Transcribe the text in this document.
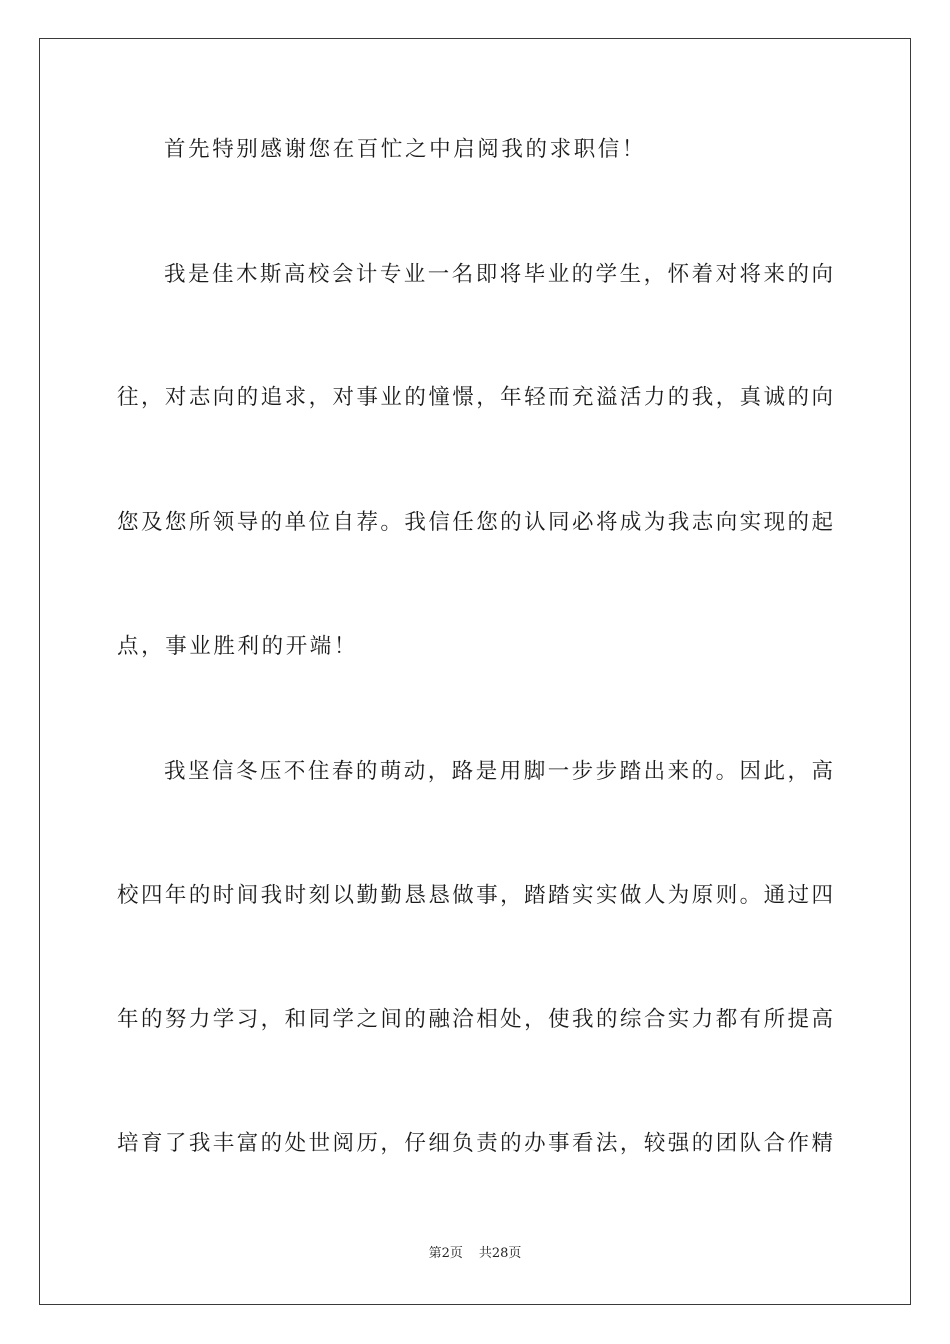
首先特别感谢您在百忙之中启阅我的求职信！
我是佳木斯高校会计专业一名即将毕业的学生，怀着对将来的向
往，对志向的追求，对事业的憧憬，年轻而充溢活力的我，真诚的向
您及您所领导的单位自荐。我信任您的认同必将成为我志向实现的起
点，事业胜利的开端！
我坚信冬压不住春的萌动，路是用脚一步步踏出来的。因此，高
校四年的时间我时刻以勤勤恳恳做事，踏踏实实做人为原则。通过四
年的努力学习，和同学之间的融洽相处，使我的综合实力都有所提高
培育了我丰富的处世阅历，仔细负责的办事看法，较强的团队合作精
第2页 共28页
